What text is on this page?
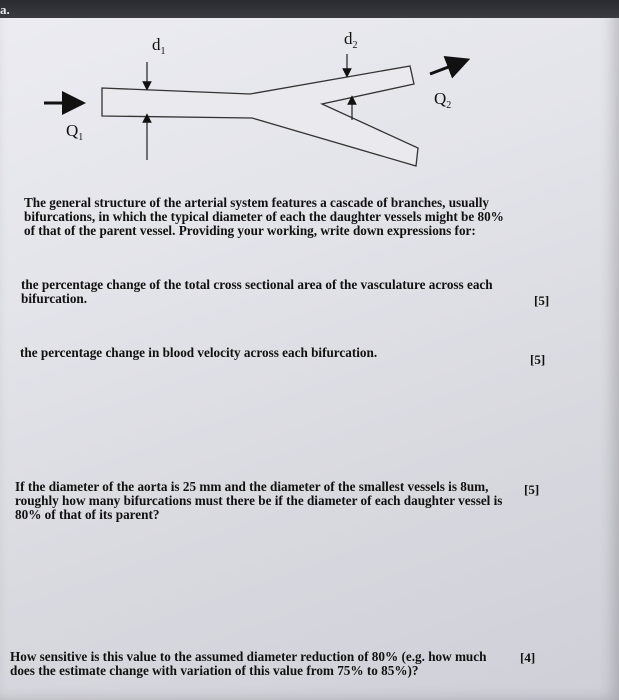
a.
$d_1$
$d_2$
$Q_1$
$Q_2$
The general structure of the arterial system features a cascade of branches, usually bifurcations, in which the typical diameter of each the daughter vessels might be 80% of that of the parent vessel. Providing your working, write down expressions for:
the percentage change of the total cross sectional area of the vasculature across each bifurcation.	[5]
the percentage change in blood velocity across each bifurcation.	[5]
If the diameter of the aorta is 25 mm and the diameter of the smallest vessels is 8um, roughly how many bifurcations must there be if the diameter of each daughter vessel is 80% of that of its parent?
[5]
How sensitive is this value to the assumed diameter reduction of 80% (e.g. how much does the estimate change with variation of this value from 75% to 85%)?
[4]
